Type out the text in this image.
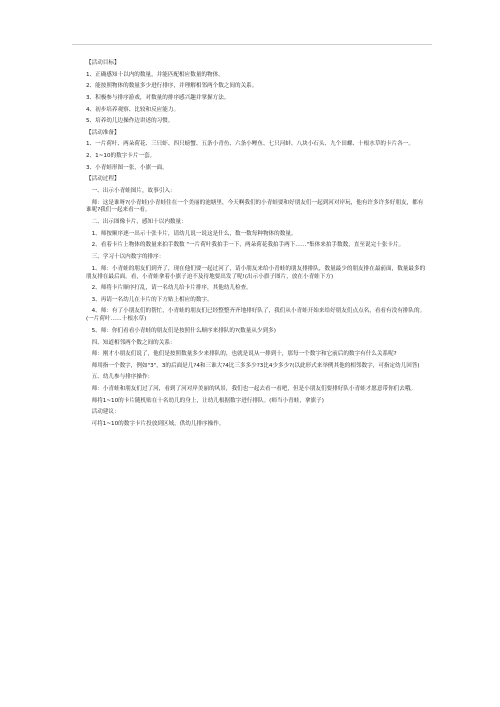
【活动目标】

1、正确感知十以内的数量，并能匹配相应数量的物体。

2、能按照物体的数量多少进行排序，并理解相邻两个数之间的关系。

3、积极参与排序游戏，对数量的排序感兴趣并掌握方法。

4、初步培养观察、比较和反应能力。

5、培养幼儿边操作边讲述的习惯。

【活动准备】

1、一片荷叶、两朵荷花、三只虾、四只螃蟹、五条小青鱼、六条小鲤鱼、七只河蚌、八块小石头、九个田螺、十根水草的卡片各一。

2、1~10的数字卡片一套。

3、小青蛙形图一张，小旗一面。

【活动过程】

一、出示小青蛙图片，故事引入：

师：这是谁呀?(小青蛙)小青蛙住在一个美丽的池塘里，今天啊我们的小青蛙要和好朋友们一起到河对岸玩，他有许多许多好朋友，都有谁呢?我们一起来看一看。

二、出示图像卡片，感知十以内数量：

1、师按顺序逐一出示十张卡片，请幼儿说一说这是什么，数一数每种物体的数量。

2、看着卡片上物体的数量来拍手数数 "一片荷叶我拍手一下，两朵荷花我拍手两下……"集体来拍手数数，直至说完十张卡片。

三、学习十以内数字的排序：

1、师：小青蛙的朋友们到齐了，现在他们要一起过河了，请小朋友来给小青蛙的朋友排排队，数量最少的朋友排在最前面，数量最多的朋友排在最后面。看，小青蛙拿着小旗子迫不及待地要出发了呢!(出示小旗子图片，放在小青蛙下方)

2、师将卡片顺序打乱，请一名幼儿给卡片排序，其他幼儿检查。

3、再请一名幼儿在卡片的下方贴上相应的数字。

4、师：有了小朋友们的帮忙，小青蛙的朋友们已经整整齐齐地排好队了，我们从小青蛙开始来给好朋友们点点名，看看有没有排队的。(一片荷叶……十根水草)

5、师：你们看看小青蛙的朋友们是按照什么顺序来排队的?(数量从少到多)

四、知道相邻两个数之间的关系：

师：刚才小朋友们说了，他们是按照数量多少来排队的，也就是说从一排到十，那每一个数字和它前后的数字有什么关系呢?

师用指一个数字，例如"3"，3的后面是几?4和三谁大?4比三多多少?3比4少多少?(以此形式来举例其他的相邻数字，可指定幼儿回答)

五、幼儿参与排序操作：

师：小青蛙和朋友们过了河，看到了河对岸美丽的风景，我们也一起去看一看吧，但是小朋友们要排好队小青蛙才愿意带你们去哦。

师将1~10的卡片随机贴在十名幼儿的身上，让幼儿根据数字进行排队。(师当小青蛙，拿旗子)

活动建议：

可将1~10的数字卡片投放到区域，供幼儿排序操作。
